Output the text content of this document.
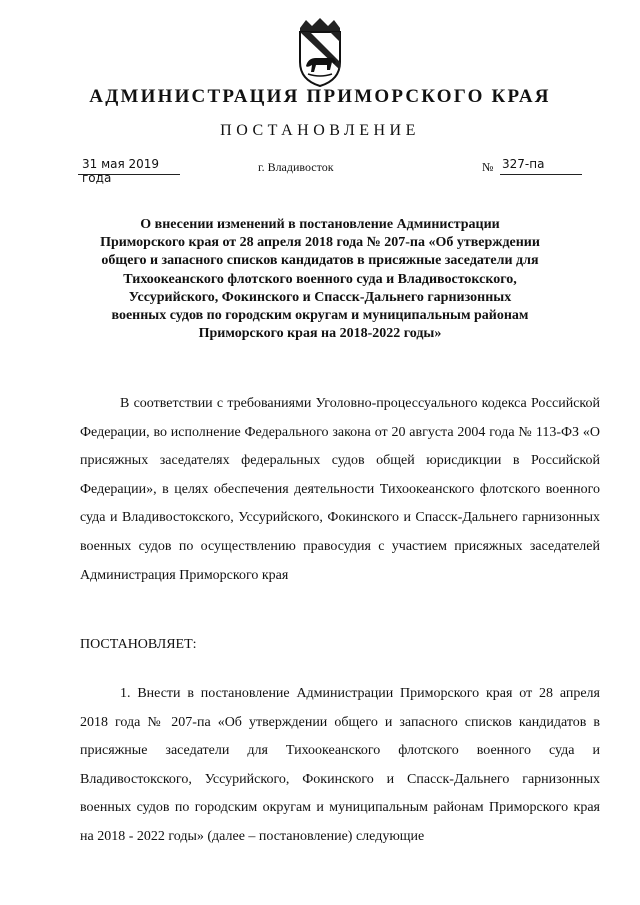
АДМИНИСТРАЦИЯ ПРИМОРСКОГО КРАЯ
ПОСТАНОВЛЕНИЕ
31 мая 2019 года
г. Владивосток	№ 327-па
О внесении изменений в постановление Администрации Приморского края от 28 апреля 2018 года № 207-па «Об утверждении общего и запасного списков кандидатов в присяжные заседатели для Тихоокеанского флотского военного суда и Владивостокского, Уссурийского, Фокинского и Спасск-Дальнего гарнизонных военных судов по городским округам и муниципальным районам Приморского края на 2018-2022 годы»
В соответствии с требованиями Уголовно-процессуального кодекса Российской Федерации, во исполнение Федерального закона от 20 августа 2004 года № 113-ФЗ «О присяжных заседателях федеральных судов общей юрисдикции в Российской Федерации», в целях обеспечения деятельности Тихоокеанского флотского военного суда и Владивостокского, Уссурийского, Фокинского и Спасск-Дальнего гарнизонных военных судов по осуществлению правосудия с участием присяжных заседателей Администрация Приморского края
ПОСТАНОВЛЯЕТ:
1. Внести в постановление Администрации Приморского края от 28 апреля 2018 года № 207-па «Об утверждении общего и запасного списков кандидатов в присяжные заседатели для Тихоокеанского флотского военного суда и Владивостокского, Уссурийского, Фокинского и Спасск-Дальнего гарнизонных военных судов по городским округам и муниципальным районам Приморского края на 2018 - 2022 годы» (далее – постановление) следующие
